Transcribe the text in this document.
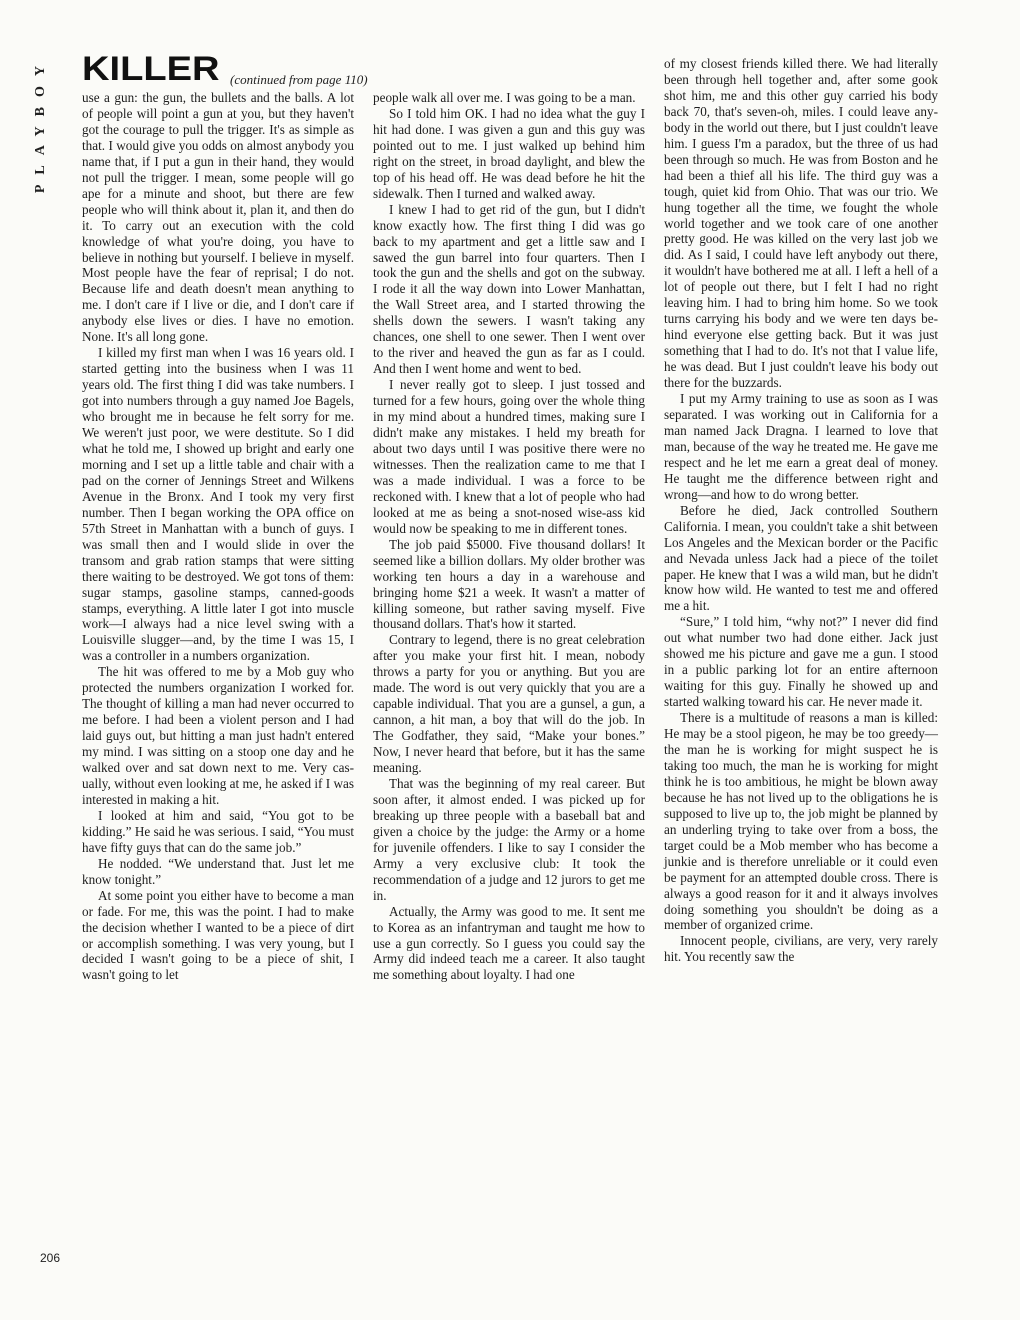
PLAYBOY KILLER (continued from page 110)

use a gun: the gun, the bullets and the balls. A lot of people will point a gun at you, but they haven't got the courage to pull the trigger. It's as simple as that. I would give you odds on almost anybody you name that, if I put a gun in their hand, they would not pull the trigger. I mean, some people will go ape for a minute and shoot, but there are few people who will think about it, plan it, and then do it. To carry out an execution with the cold knowledge of what you're doing, you have to believe in nothing but yourself. I believe in myself. Most people have the fear of reprisal; I do not. Because life and death doesn't mean anything to me. I don't care if I live or die, and I don't care if anybody else lives or dies. I have no emotion. None. It's all long gone.

I killed my first man when I was 16 years old. I started getting into the business when I was 11 years old. The first thing I did was take numbers. I got into numbers through a guy named Joe Bagels, who brought me in because he felt sorry for me. We weren't just poor, we were destitute. So I did what he told me, I showed up bright and early one morning and I set up a little table and chair with a pad on the corner of Jennings Street and Wilkens Avenue in the Bronx. And I took my very first number. Then I began working the OPA office on 57th Street in Manhattan with a bunch of guys. I was small then and I would slide in over the transom and grab ration stamps that were sitting there waiting to be destroyed. We got tons of them: sugar stamps, gasoline stamps, canned-goods stamps, everything. A little later I got into muscle work—I always had a nice level swing with a Louisville slugger—and, by the time I was 15, I was a controller in a numbers organization.

The hit was offered to me by a Mob guy who protected the numbers organization I worked for. The thought of killing a man had never occurred to me before. I had been a violent person and I had laid guys out, but hitting a man just hadn't entered my mind. I was sitting on a stoop one day and he walked over and sat down next to me. Very casually, without even looking at me, he asked if I was interested in making a hit.

I looked at him and said, “You got to be kidding.” He said he was serious. I said, “You must have fifty guys that can do the same job.”

He nodded. “We understand that. Just let me know tonight.”

At some point you either have to become a man or fade. For me, this was the point. I had to make the decision whether I wanted to be a piece of dirt or accomplish something. I was very young, but I decided I wasn't going to be a piece of shit, I wasn't going to let

people walk all over me. I was going to be a man.

So I told him OK. I had no idea what the guy I hit had done. I was given a gun and this guy was pointed out to me. I just walked up behind him right on the street, in broad daylight, and blew the top of his head off. He was dead before he hit the sidewalk. Then I turned and walked away.

I knew I had to get rid of the gun, but I didn't know exactly how. The first thing I did was go back to my apartment and get a little saw and I sawed the gun barrel into four quarters. Then I took the gun and the shells and got on the subway. I rode it all the way down into Lower Manhattan, the Wall Street area, and I started throwing the shells down the sewers. I wasn't taking any chances, one shell to one sewer. Then I went over to the river and heaved the gun as far as I could. And then I went home and went to bed.

I never really got to sleep. I just tossed and turned for a few hours, going over the whole thing in my mind about a hundred times, making sure I didn't make any mistakes. I held my breath for about two days until I was positive there were no witnesses. Then the realization came to me that I was a made individual. I was a force to be reckoned with. I knew that a lot of people who had looked at me as being a snot-nosed wise-ass kid would now be speaking to me in different tones.

The job paid $5000. Five thousand dollars! It seemed like a billion dollars. My older brother was working ten hours a day in a warehouse and bringing home $21 a week. It wasn't a matter of killing someone, but rather saving myself. Five thousand dollars. That's how it started.

Contrary to legend, there is no great celebration after you make your first hit. I mean, nobody throws a party for you or anything. But you are made. The word is out very quickly that you are a capable individual. That you are a gunsel, a gun, a cannon, a hit man, a boy that will do the job. In The Godfather, they said, “Make your bones.” Now, I never heard that before, but it has the same meaning.

That was the beginning of my real career. But soon after, it almost ended. I was picked up for breaking up three people with a baseball bat and given a choice by the judge: the Army or a home for juvenile offenders. I like to say I consider the Army a very exclusive club: It took the recommendation of a judge and 12 jurors to get me in.

Actually, the Army was good to me. It sent me to Korea as an infantryman and taught me how to use a gun correctly. So I guess you could say the Army did indeed teach me a career. It also taught me something about loyalty. I had one

of my closest friends killed there. We had literally been through hell together and, after some gook shot him, me and this other guy carried his body back 70, that's seven-oh, miles. I could leave anybody in the world out there, but I just couldn't leave him. I guess I'm a paradox, but the three of us had been through so much. He was from Boston and he had been a thief all his life. The third guy was a tough, quiet kid from Ohio. That was our trio. We hung together all the time, we fought the whole world together and we took care of one another pretty good. He was killed on the very last job we did. As I said, I could have left anybody out there, it wouldn't have bothered me at all. I left a hell of a lot of people out there, but I felt I had no right leaving him. I had to bring him home. So we took turns carrying his body and we were ten days behind everyone else getting back. But it was just something that I had to do. It's not that I value life, he was dead. But I just couldn't leave his body out there for the buzzards.

I put my Army training to use as soon as I was separated. I was working out in California for a man named Jack Dragna. I learned to love that man, because of the way he treated me. He gave me respect and he let me earn a great deal of money. He taught me the difference between right and wrong—and how to do wrong better.

Before he died, Jack controlled Southern California. I mean, you couldn't take a shit between Los Angeles and the Mexican border or the Pacific and Nevada unless Jack had a piece of the toilet paper. He knew that I was a wild man, but he didn't know how wild. He wanted to test me and offered me a hit.

“Sure,” I told him, “why not?” I never did find out what number two had done either. Jack just showed me his picture and gave me a gun. I stood in a public parking lot for an entire afternoon waiting for this guy. Finally he showed up and started walking toward his car. He never made it.

There is a multitude of reasons a man is killed: He may be a stool pigeon, he may be too greedy—the man he is working for might suspect he is taking too much, the man he is working for might think he is too ambitious, he might be blown away because he has not lived up to the obligations he is supposed to live up to, the job might be planned by an underling trying to take over from a boss, the target could be a Mob member who has become a junkie and is therefore unreliable or it could even be payment for an attempted double cross. There is always a good reason for it and it always involves doing something you shouldn't be doing as a member of organized crime.

Innocent people, civilians, are very, very rarely hit. You recently saw the

206
